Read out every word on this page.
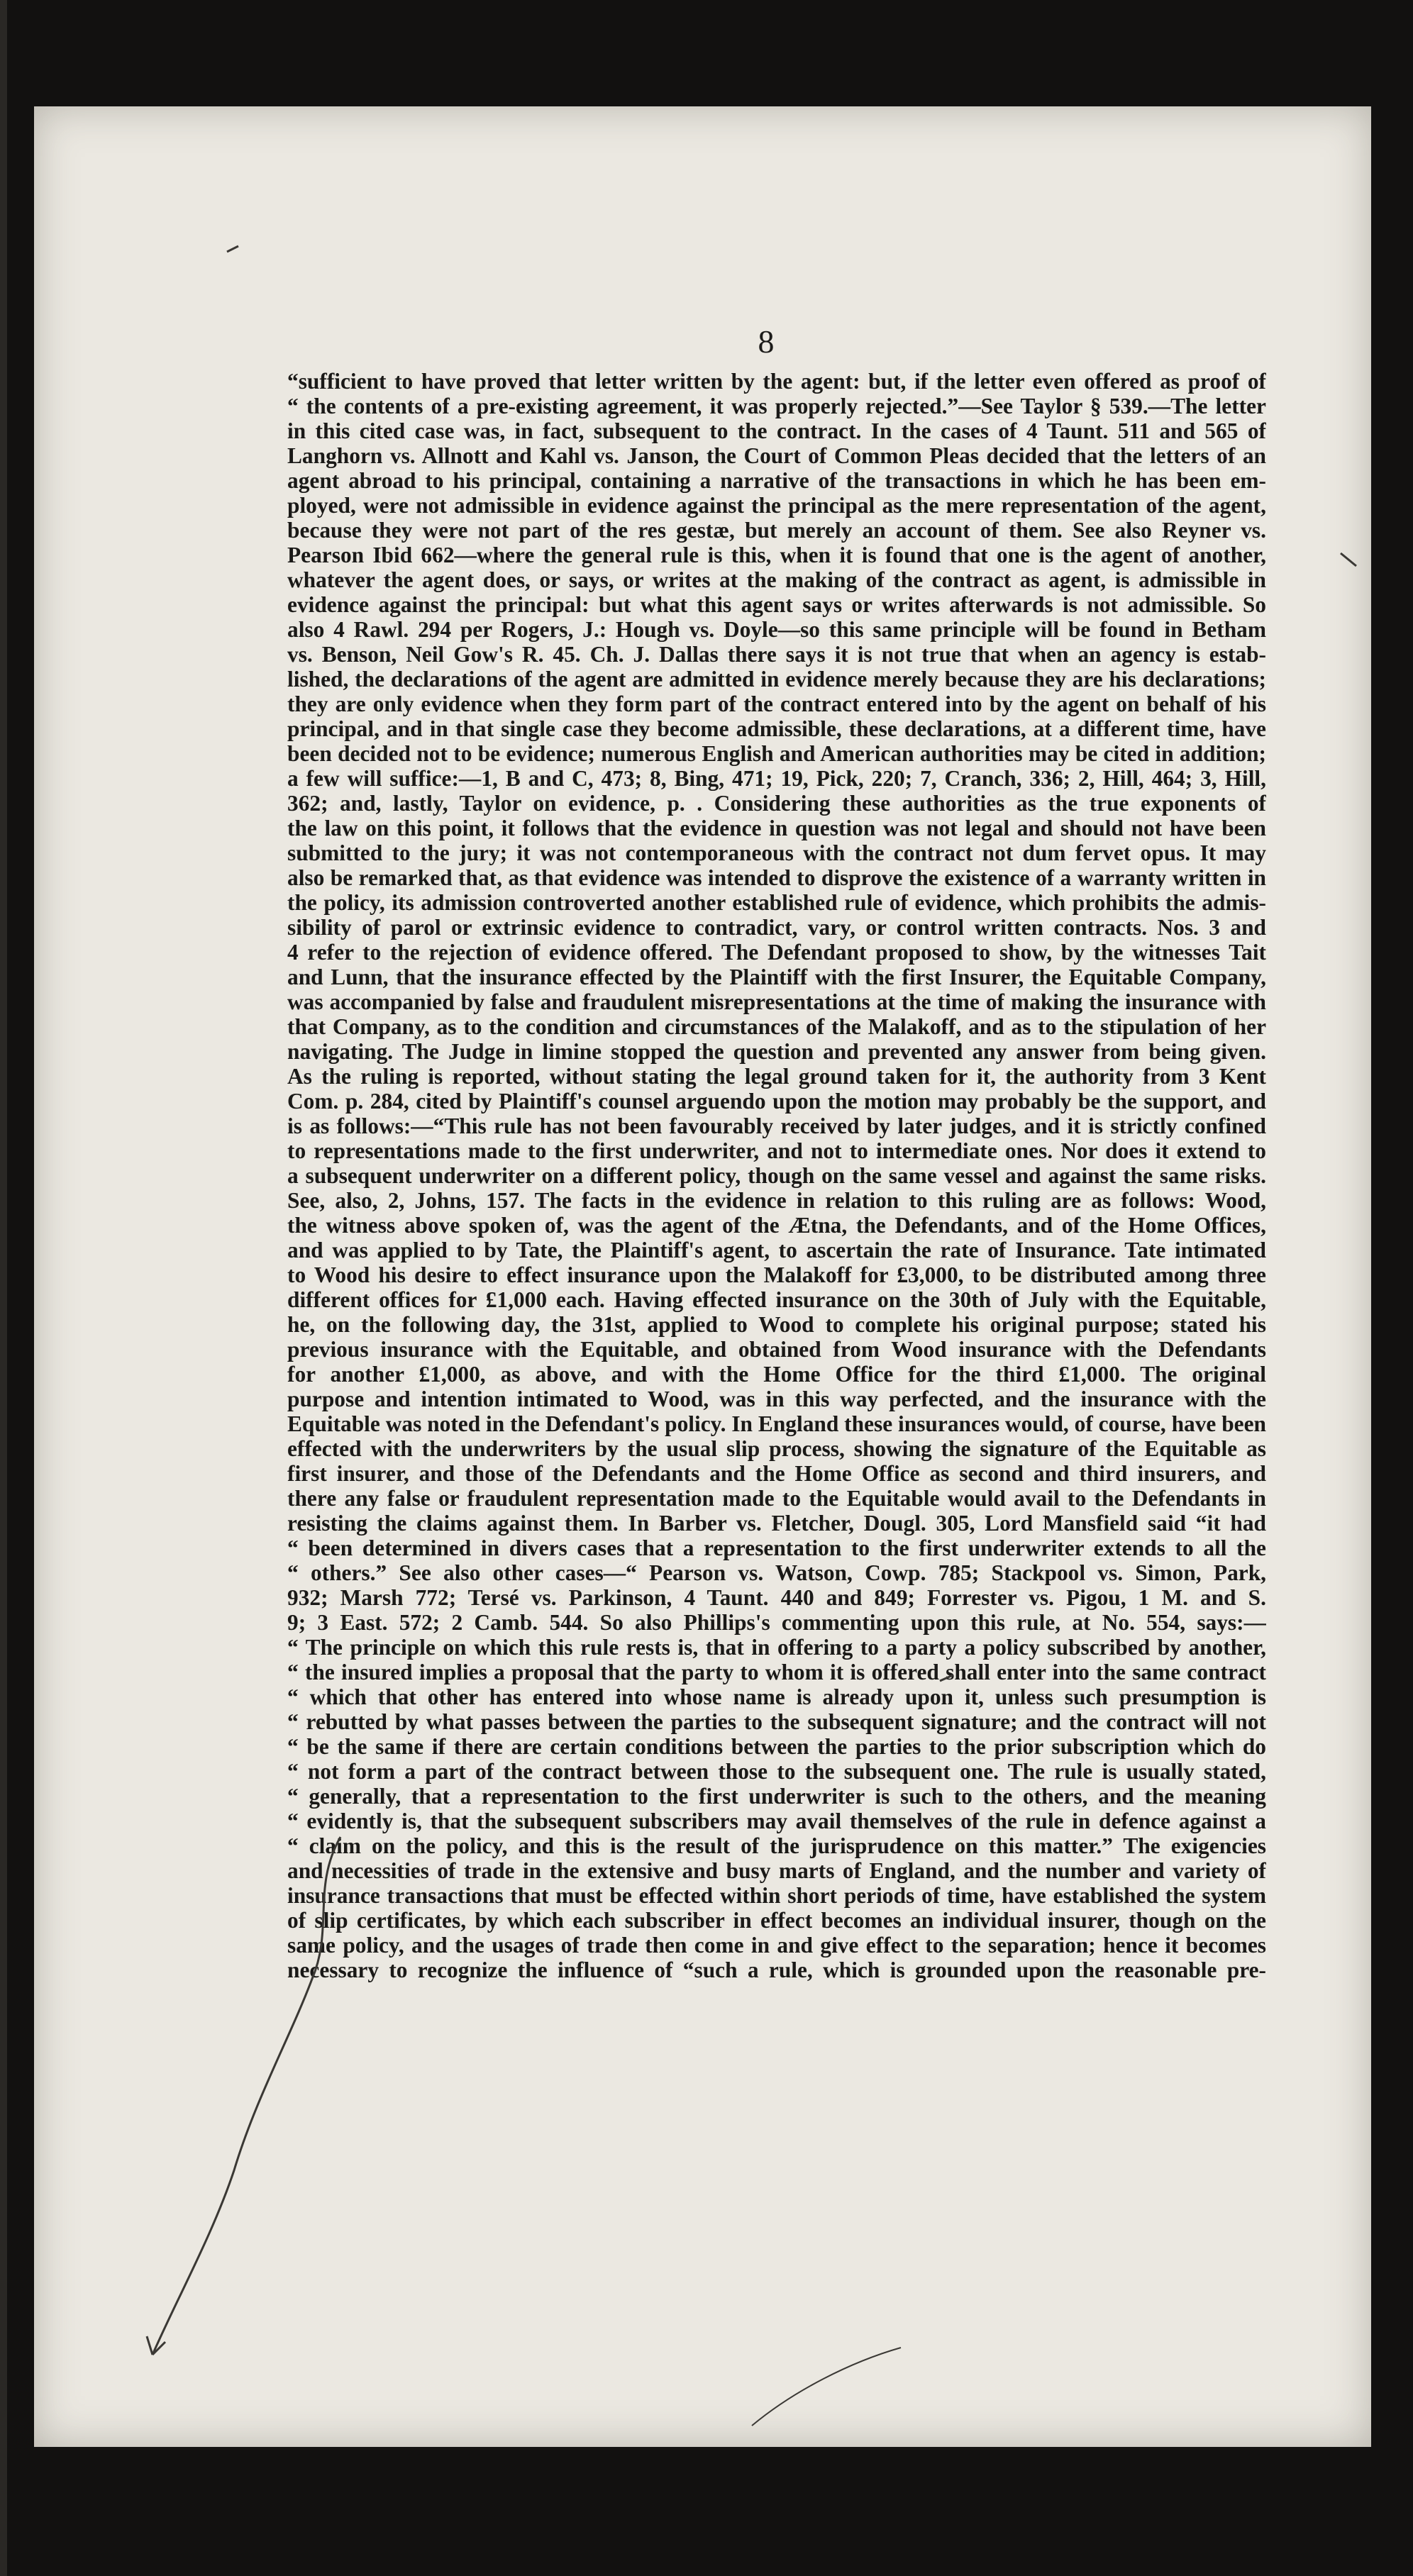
8
“sufficient to have proved that letter written by the agent: but, if the letter even offered as proof of
“ the contents of a pre-existing agreement, it was properly rejected.”—See Taylor § 539.—The letter
in this cited case was, in fact, subsequent to the contract. In the cases of 4 Taunt. 511 and 565 of
Langhorn vs. Allnott and Kahl vs. Janson, the Court of Common Pleas decided that the letters of an
agent abroad to his principal, containing a narrative of the transactions in which he has been em-
ployed, were not admissible in evidence against the principal as the mere representation of the agent,
because they were not part of the res gestæ, but merely an account of them. See also Reyner vs.
Pearson Ibid 662—where the general rule is this, when it is found that one is the agent of another,
whatever the agent does, or says, or writes at the making of the contract as agent, is admissible in
evidence against the principal: but what this agent says or writes afterwards is not admissible. So
also 4 Rawl. 294 per Rogers, J.: Hough vs. Doyle—so this same principle will be found in Betham
vs. Benson, Neil Gow's R. 45. Ch. J. Dallas there says it is not true that when an agency is estab-
lished, the declarations of the agent are admitted in evidence merely because they are his declarations;
they are only evidence when they form part of the contract entered into by the agent on behalf of his
principal, and in that single case they become admissible, these declarations, at a different time, have
been decided not to be evidence; numerous English and American authorities may be cited in addition;
a few will suffice:—1, B and C, 473; 8, Bing, 471; 19, Pick, 220; 7, Cranch, 336; 2, Hill, 464; 3, Hill,
362; and, lastly, Taylor on evidence, p. . Considering these authorities as the true exponents of
the law on this point, it follows that the evidence in question was not legal and should not have been
submitted to the jury; it was not contemporaneous with the contract not dum fervet opus. It may
also be remarked that, as that evidence was intended to disprove the existence of a warranty written in
the policy, its admission controverted another established rule of evidence, which prohibits the admis-
sibility of parol or extrinsic evidence to contradict, vary, or control written contracts. Nos. 3 and
4 refer to the rejection of evidence offered. The Defendant proposed to show, by the witnesses Tait
and Lunn, that the insurance effected by the Plaintiff with the first Insurer, the Equitable Company,
was accompanied by false and fraudulent misrepresentations at the time of making the insurance with
that Company, as to the condition and circumstances of the Malakoff, and as to the stipulation of her
navigating. The Judge in limine stopped the question and prevented any answer from being given.
As the ruling is reported, without stating the legal ground taken for it, the authority from 3 Kent
Com. p. 284, cited by Plaintiff's counsel arguendo upon the motion may probably be the support, and
is as follows:—“This rule has not been favourably received by later judges, and it is strictly confined
to representations made to the first underwriter, and not to intermediate ones. Nor does it extend to
a subsequent underwriter on a different policy, though on the same vessel and against the same risks.
See, also, 2, Johns, 157. The facts in the evidence in relation to this ruling are as follows: Wood,
the witness above spoken of, was the agent of the Ætna, the Defendants, and of the Home Offices,
and was applied to by Tate, the Plaintiff's agent, to ascertain the rate of Insurance. Tate intimated
to Wood his desire to effect insurance upon the Malakoff for £3,000, to be distributed among three
different offices for £1,000 each. Having effected insurance on the 30th of July with the Equitable,
he, on the following day, the 31st, applied to Wood to complete his original purpose; stated his
previous insurance with the Equitable, and obtained from Wood insurance with the Defendants
for another £1,000, as above, and with the Home Office for the third £1,000. The original
purpose and intention intimated to Wood, was in this way perfected, and the insurance with the
Equitable was noted in the Defendant's policy. In England these insurances would, of course, have been
effected with the underwriters by the usual slip process, showing the signature of the Equitable as
first insurer, and those of the Defendants and the Home Office as second and third insurers, and
there any false or fraudulent representation made to the Equitable would avail to the Defendants in
resisting the claims against them. In Barber vs. Fletcher, Dougl. 305, Lord Mansfield said “it had
“ been determined in divers cases that a representation to the first underwriter extends to all the
“ others.” See also other cases—“ Pearson vs. Watson, Cowp. 785; Stackpool vs. Simon, Park,
932; Marsh 772; Tersé vs. Parkinson, 4 Taunt. 440 and 849; Forrester vs. Pigou, 1 M. and S.
9; 3 East. 572; 2 Camb. 544. So also Phillips's commenting upon this rule, at No. 554, says:—
“ The principle on which this rule rests is, that in offering to a party a policy subscribed by another,
“ the insured implies a proposal that the party to whom it is offered shall enter into the same contract
“ which that other has entered into whose name is already upon it, unless such presumption is
“ rebutted by what passes between the parties to the subsequent signature; and the contract will not
“ be the same if there are certain conditions between the parties to the prior subscription which do
“ not form a part of the contract between those to the subsequent one. The rule is usually stated,
“ generally, that a representation to the first underwriter is such to the others, and the meaning
“ evidently is, that the subsequent subscribers may avail themselves of the rule in defence against a
“ claim on the policy, and this is the result of the jurisprudence on this matter.” The exigencies
and necessities of trade in the extensive and busy marts of England, and the number and variety of
insurance transactions that must be effected within short periods of time, have established the system
of slip certificates, by which each subscriber in effect becomes an individual insurer, though on the
same policy, and the usages of trade then come in and give effect to the separation; hence it becomes
necessary to recognize the influence of “such a rule, which is grounded upon the reasonable pre-
